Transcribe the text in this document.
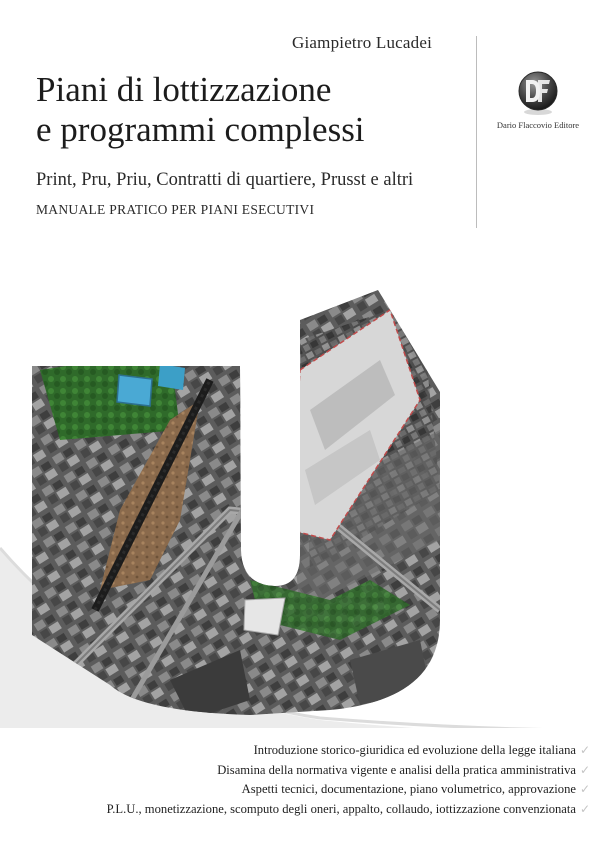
Giampietro Lucadei
Piani di lottizzazione
e programmi complessi
Print, Pru, Priu, Contratti di quartiere, Prusst e altri
MANUALE PRATICO PER PIANI ESECUTIVI
Dario Flaccovio Editore
Introduzione storico-giuridica ed evoluzione della legge italiana ✓
Disamina della normativa vigente e analisi della pratica amministrativa ✓
Aspetti tecnici, documentazione, piano volumetrico, approvazione ✓
P.L.U., monetizzazione, scomputo degli oneri, appalto, collaudo, iottizzazione convenzionata ✓
